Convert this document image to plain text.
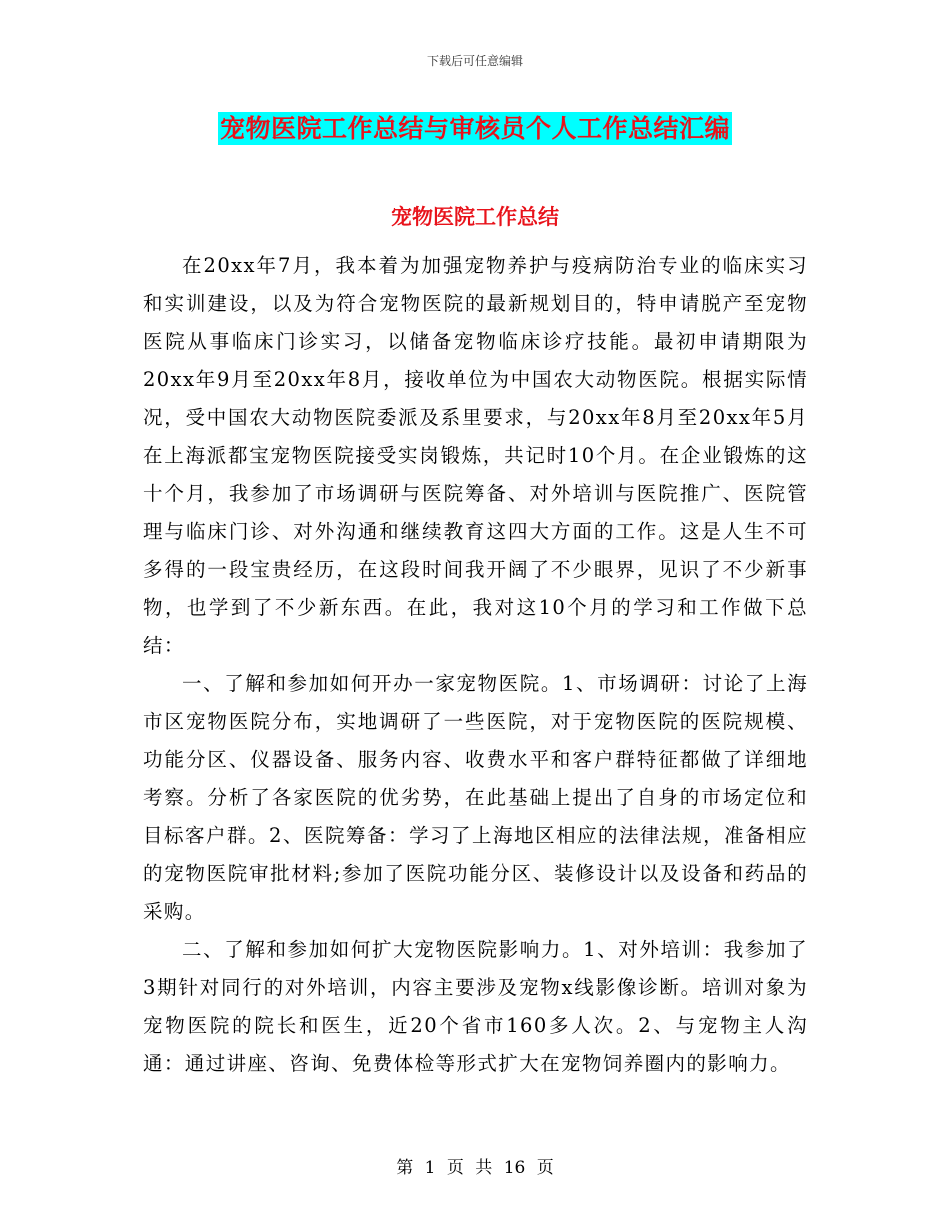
下载后可任意编辑
宠物医院工作总结与审核员个人工作总结汇编
宠物医院工作总结

在20xx年7月，我本着为加强宠物养护与疫病防治专业的临床实习和实训建设，以及为符合宠物医院的最新规划目的，特申请脱产至宠物医院从事临床门诊实习，以储备宠物临床诊疗技能。最初申请期限为20xx年9月至20xx年8月，接收单位为中国农大动物医院。根据实际情况，受中国农大动物医院委派及系里要求，与20xx年8月至20xx年5月在上海派都宝宠物医院接受实岗锻炼，共记时10个月。在企业锻炼的这十个月，我参加了市场调研与医院筹备、对外培训与医院推广、医院管理与临床门诊、对外沟通和继续教育这四大方面的工作。这是人生不可多得的一段宝贵经历，在这段时间我开阔了不少眼界，见识了不少新事物，也学到了不少新东西。在此，我对这10个月的学习和工作做下总结：

一、了解和参加如何开办一家宠物医院。1、市场调研：讨论了上海市区宠物医院分布，实地调研了一些医院，对于宠物医院的医院规模、功能分区、仪器设备、服务内容、收费水平和客户群特征都做了详细地考察。分析了各家医院的优劣势，在此基础上提出了自身的市场定位和目标客户群。2、医院筹备：学习了上海地区相应的法律法规，准备相应的宠物医院审批材料;参加了医院功能分区、装修设计以及设备和药品的采购。

二、了解和参加如何扩大宠物医院影响力。1、对外培训：我参加了3期针对同行的对外培训，内容主要涉及宠物x线影像诊断。培训对象为宠物医院的院长和医生，近20个省市160多人次。2、与宠物主人沟通：通过讲座、咨询、免费体检等形式扩大在宠物饲养圈内的影响力。

第 1 页 共 16 页
